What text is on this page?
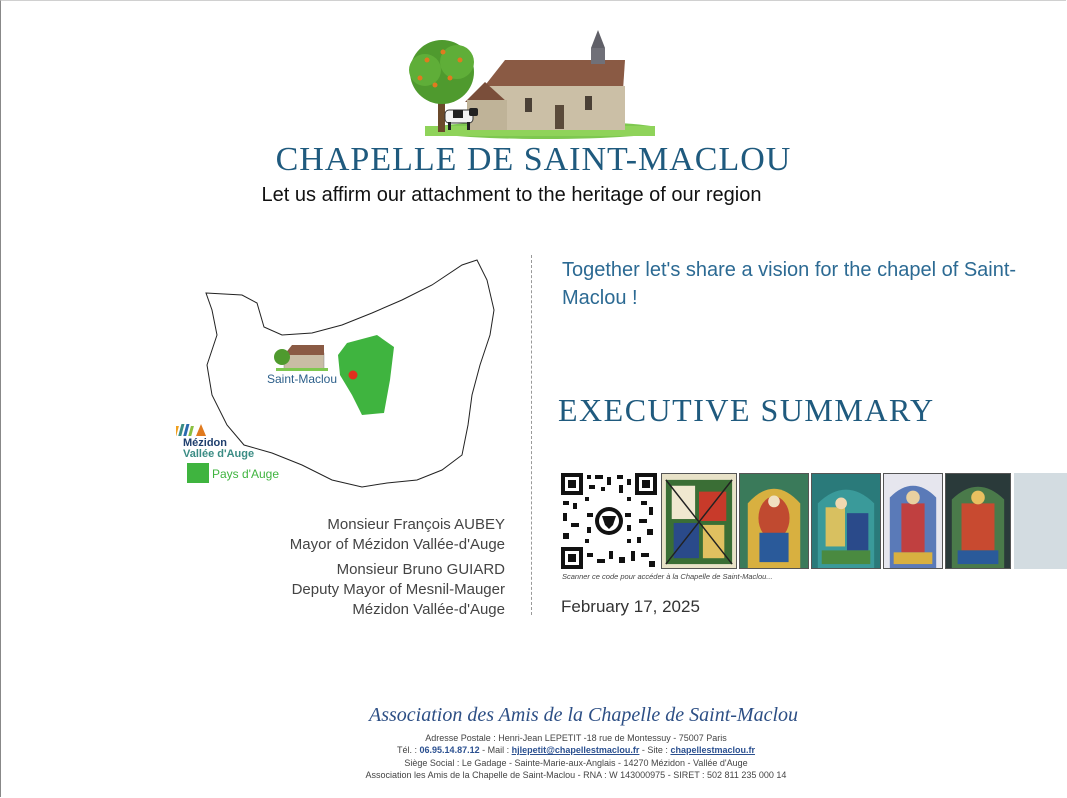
CHAPELLE DE SAINT-MACLOU
Let us affirm our attachment to the heritage of our region
Saint-Maclou
Mézidon
Vallée d'Auge
Pays d'Auge
Monsieur François AUBEY
Mayor of Mézidon Vallée-d'Auge
Monsieur Bruno GUIARD
Deputy Mayor of Mesnil-Mauger
Mézidon Vallée-d'Auge
Together let's share a vision for the chapel of Saint-Maclou !
EXECUTIVE SUMMARY
Scanner ce code pour accéder à la Chapelle de Saint-Maclou...
February 17, 2025
Association des Amis de la Chapelle de Saint-Maclou
Adresse Postale : Henri-Jean LEPETIT -18 rue de Montessuy - 75007 Paris
Tél. : 06.95.14.87.12 - Mail : hjlepetit@chapellestmaclou.fr - Site : chapellestmaclou.fr
Siège Social : Le Gadage - Sainte-Marie-aux-Anglais - 14270 Mézidon - Vallée d'Auge
Association les Amis de la Chapelle de Saint-Maclou - RNA : W 143000975 - SIRET : 502 811 235 000 14
